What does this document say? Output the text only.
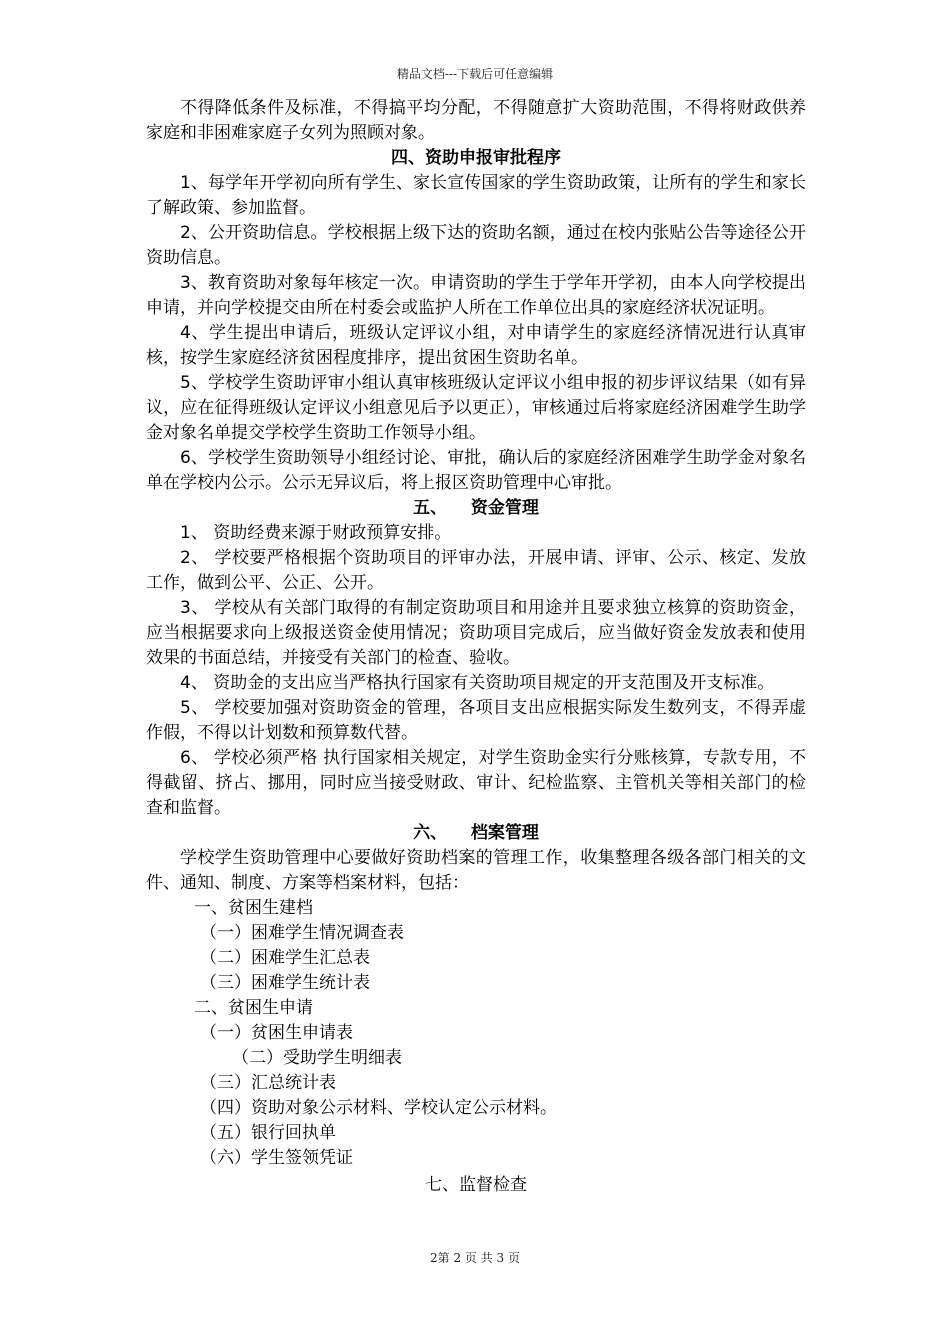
精品文档---下载后可任意编辑

不得降低条件及标准，不得搞平均分配，不得随意扩大资助范围，不得将财政供养家庭和非困难家庭子女列为照顾对象。

四、资助申报审批程序

1、每学年开学初向所有学生、家长宣传国家的学生资助政策，让所有的学生和家长了解政策、参加监督。

2、公开资助信息。学校根据上级下达的资助名额，通过在校内张贴公告等途径公开资助信息。

3、教育资助对象每年核定一次。申请资助的学生于学年开学初，由本人向学校提出申请，并向学校提交由所在村委会或监护人所在工作单位出具的家庭经济状况证明。

4、学生提出申请后，班级认定评议小组，对申请学生的家庭经济情况进行认真审核，按学生家庭经济贫困程度排序，提出贫困生资助名单。

5、学校学生资助评审小组认真审核班级认定评议小组申报的初步评议结果（如有异议，应在征得班级认定评议小组意见后予以更正），审核通过后将家庭经济困难学生助学金对象名单提交学校学生资助工作领导小组。

6、学校学生资助领导小组经讨论、审批，确认后的家庭经济困难学生助学金对象名单在学校内公示。公示无异议后，将上报区资助管理中心审批。

五、    资金管理

1、 资助经费来源于财政预算安排。

2、 学校要严格根据个资助项目的评审办法，开展申请、评审、公示、核定、发放工作，做到公平、公正、公开。

3、 学校从有关部门取得的有制定资助项目和用途并且要求独立核算的资助资金，应当根据要求向上级报送资金使用情况；资助项目完成后，应当做好资金发放表和使用效果的书面总结，并接受有关部门的检查、验收。

4、 资助金的支出应当严格执行国家有关资助项目规定的开支范围及开支标准。

5、 学校要加强对资助资金的管理，各项目支出应根据实际发生数列支，不得弄虚作假，不得以计划数和预算数代替。

6、 学校必须严格 执行国家相关规定，对学生资助金实行分账核算，专款专用，不得截留、挤占、挪用，同时应当接受财政、审计、纪检监察、主管机关等相关部门的检查和监督。

六、    档案管理

学校学生资助管理中心要做好资助档案的管理工作，收集整理各级各部门相关的文件、通知、制度、方案等档案材料，包括：

一、贫困生建档

（一）困难学生情况调查表

（二）困难学生汇总表

（三）困难学生统计表

二、贫困生申请

（一）贫困生申请表

（二）受助学生明细表

（三）汇总统计表

（四）资助对象公示材料、学校认定公示材料。

（五）银行回执单

（六）学生签领凭证

七、监督检查

2第 2 页 共 3 页
